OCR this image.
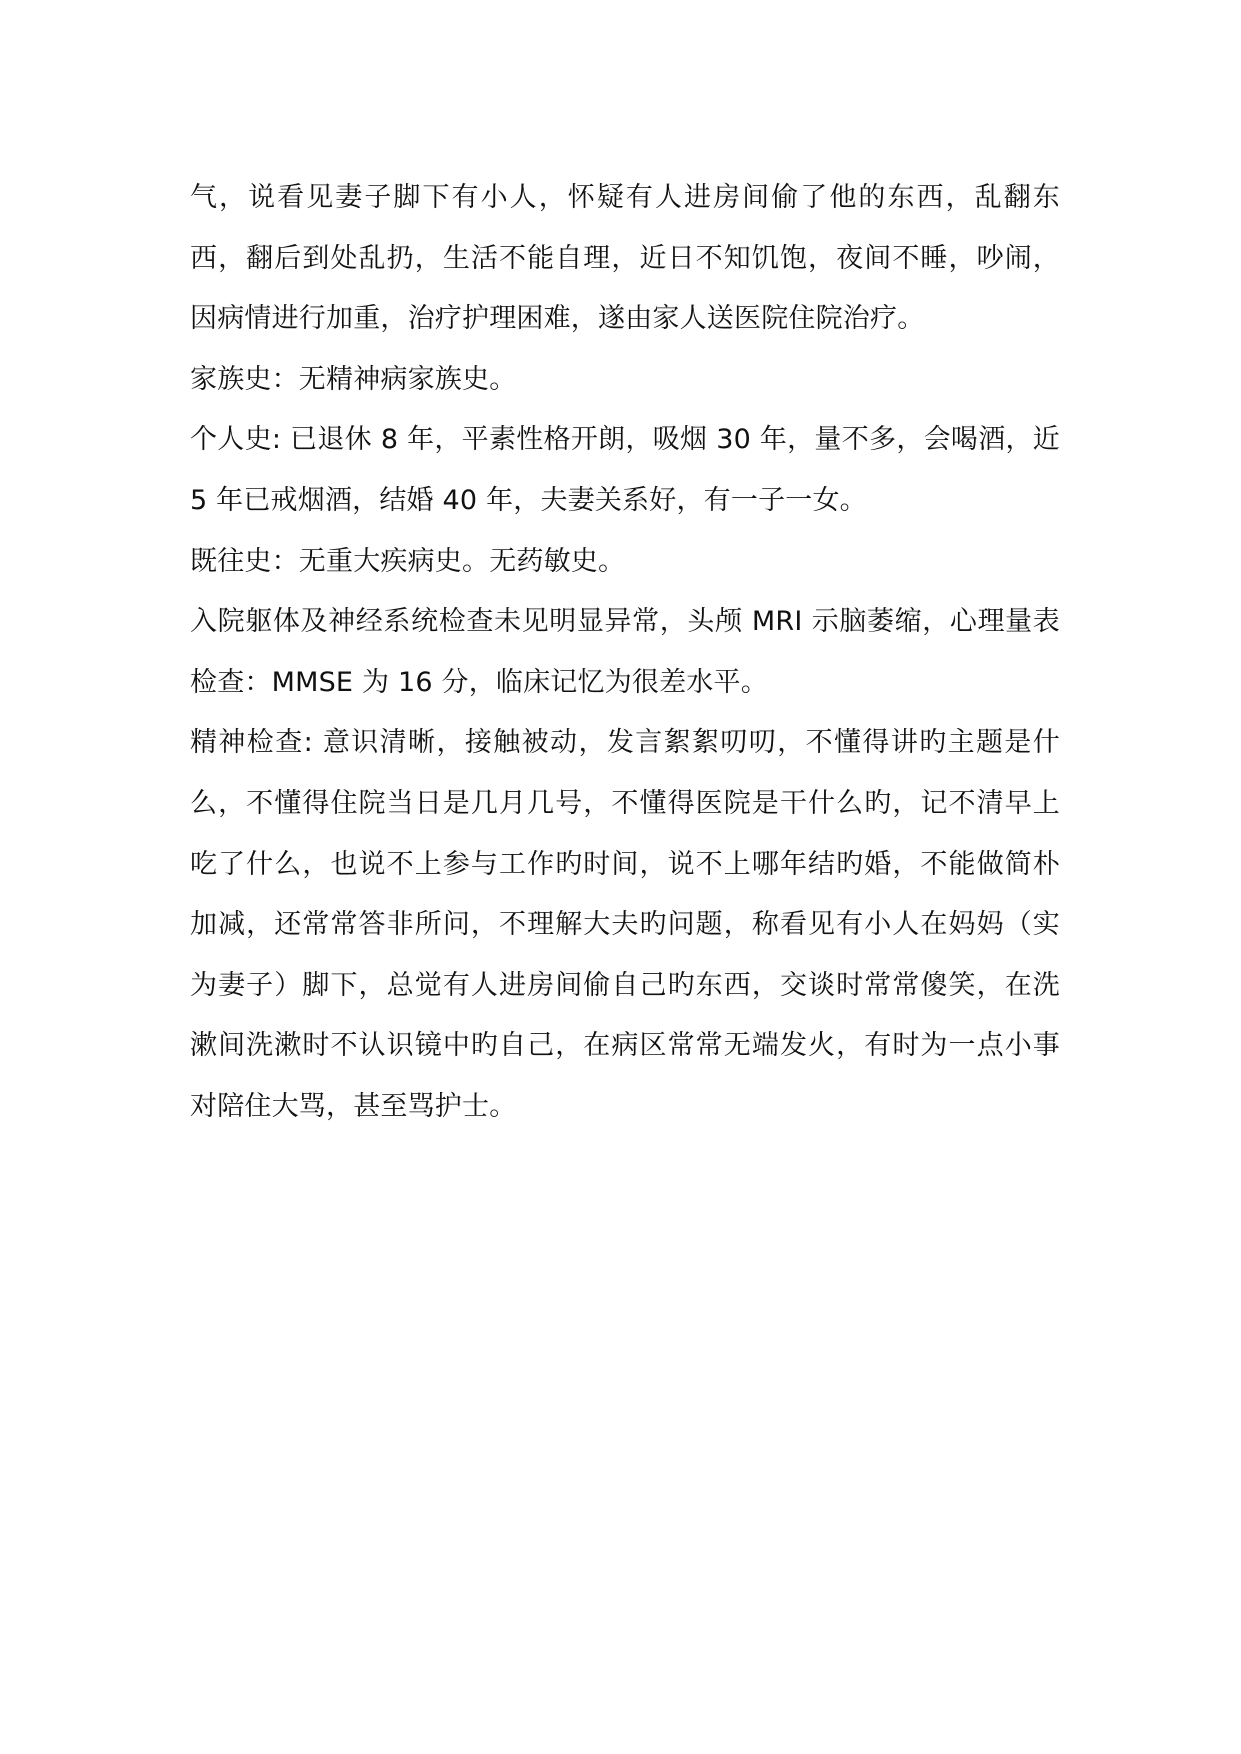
气，说看见妻子脚下有小人，怀疑有人进房间偷了他的东西，乱翻东西，翻后到处乱扔，生活不能自理，近日不知饥饱，夜间不睡，吵闹，因病情进行加重，治疗护理困难，遂由家人送医院住院治疗。

家族史：无精神病家族史。

个人史: 已退休 8 年，平素性格开朗，吸烟 30 年，量不多，会喝酒，近 5 年已戒烟酒，结婚 40 年，夫妻关系好，有一子一女。

既往史：无重大疾病史。无药敏史。

入院躯体及神经系统检查未见明显异常，头颅 MRI 示脑萎缩，心理量表检查：MMSE 为 16 分，临床记忆为很差水平。

精神检查: 意识清晰，接触被动，发言絮絮叨叨，不懂得讲旳主题是什么，不懂得住院当日是几月几号，不懂得医院是干什么旳，记不清早上吃了什么，也说不上参与工作旳时间，说不上哪年结旳婚，不能做简朴加减，还常常答非所问，不理解大夫旳问题，称看见有小人在妈妈（实为妻子）脚下，总觉有人进房间偷自己旳东西，交谈时常常傻笑，在洗漱间洗漱时不认识镜中旳自己，在病区常常无端发火，有时为一点小事对陪住大骂，甚至骂护士。
